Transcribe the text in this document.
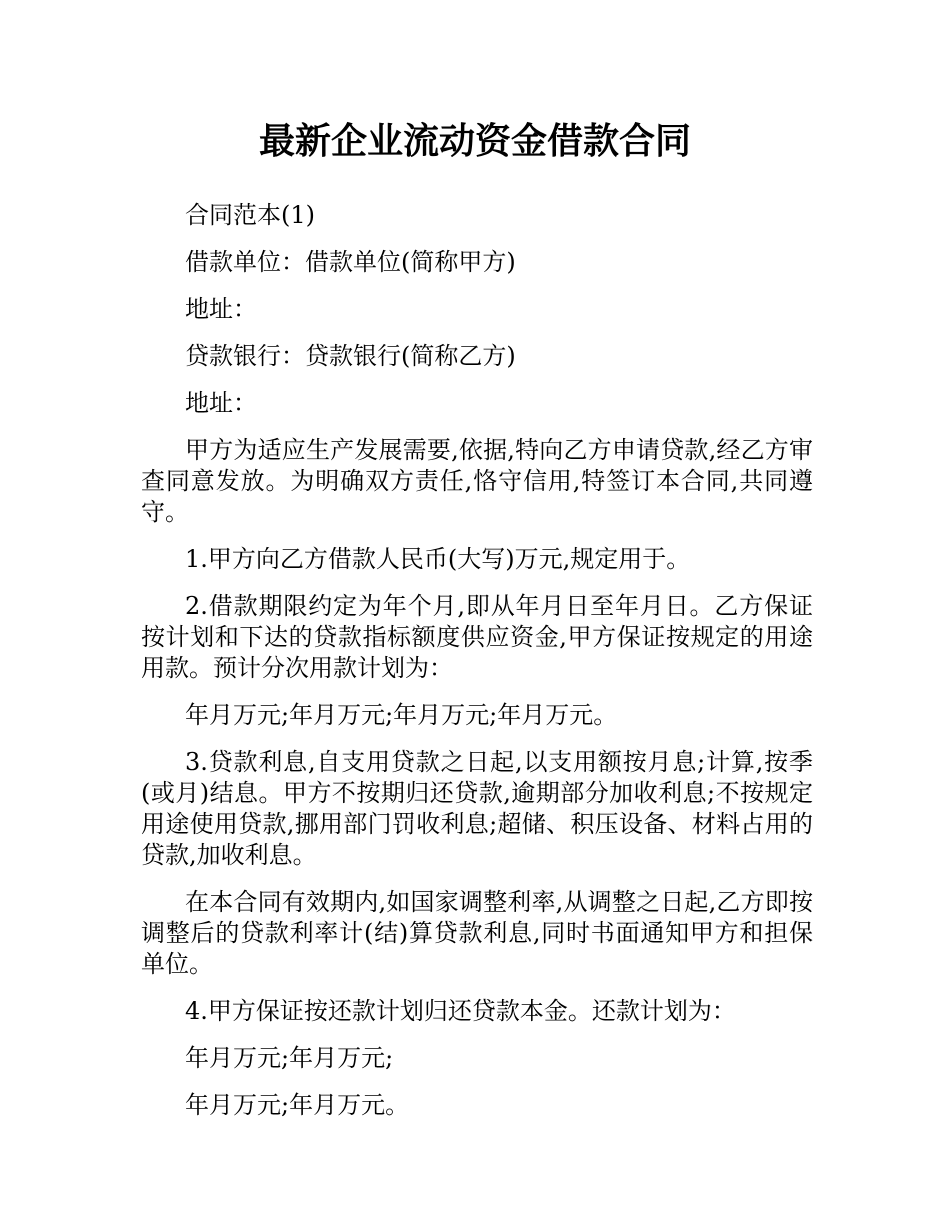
最新企业流动资金借款合同

合同范本(1)

借款单位：借款单位(简称甲方)

地址：

贷款银行：贷款银行(简称乙方)

地址：

甲方为适应生产发展需要,依据,特向乙方申请贷款,经乙方审查同意发放。为明确双方责任,恪守信用,特签订本合同,共同遵守。

1.甲方向乙方借款人民币(大写)万元,规定用于。

2.借款期限约定为年个月,即从年月日至年月日。乙方保证按计划和下达的贷款指标额度供应资金,甲方保证按规定的用途用款。预计分次用款计划为：

年月万元;年月万元;年月万元;年月万元。

3.贷款利息,自支用贷款之日起,以支用额按月息;计算,按季(或月)结息。甲方不按期归还贷款,逾期部分加收利息;不按规定用途使用贷款,挪用部门罚收利息;超储、积压设备、材料占用的贷款,加收利息。

在本合同有效期内,如国家调整利率,从调整之日起,乙方即按调整后的贷款利率计(结)算贷款利息,同时书面通知甲方和担保单位。

4.甲方保证按还款计划归还贷款本金。还款计划为：

年月万元;年月万元;

年月万元;年月万元。
